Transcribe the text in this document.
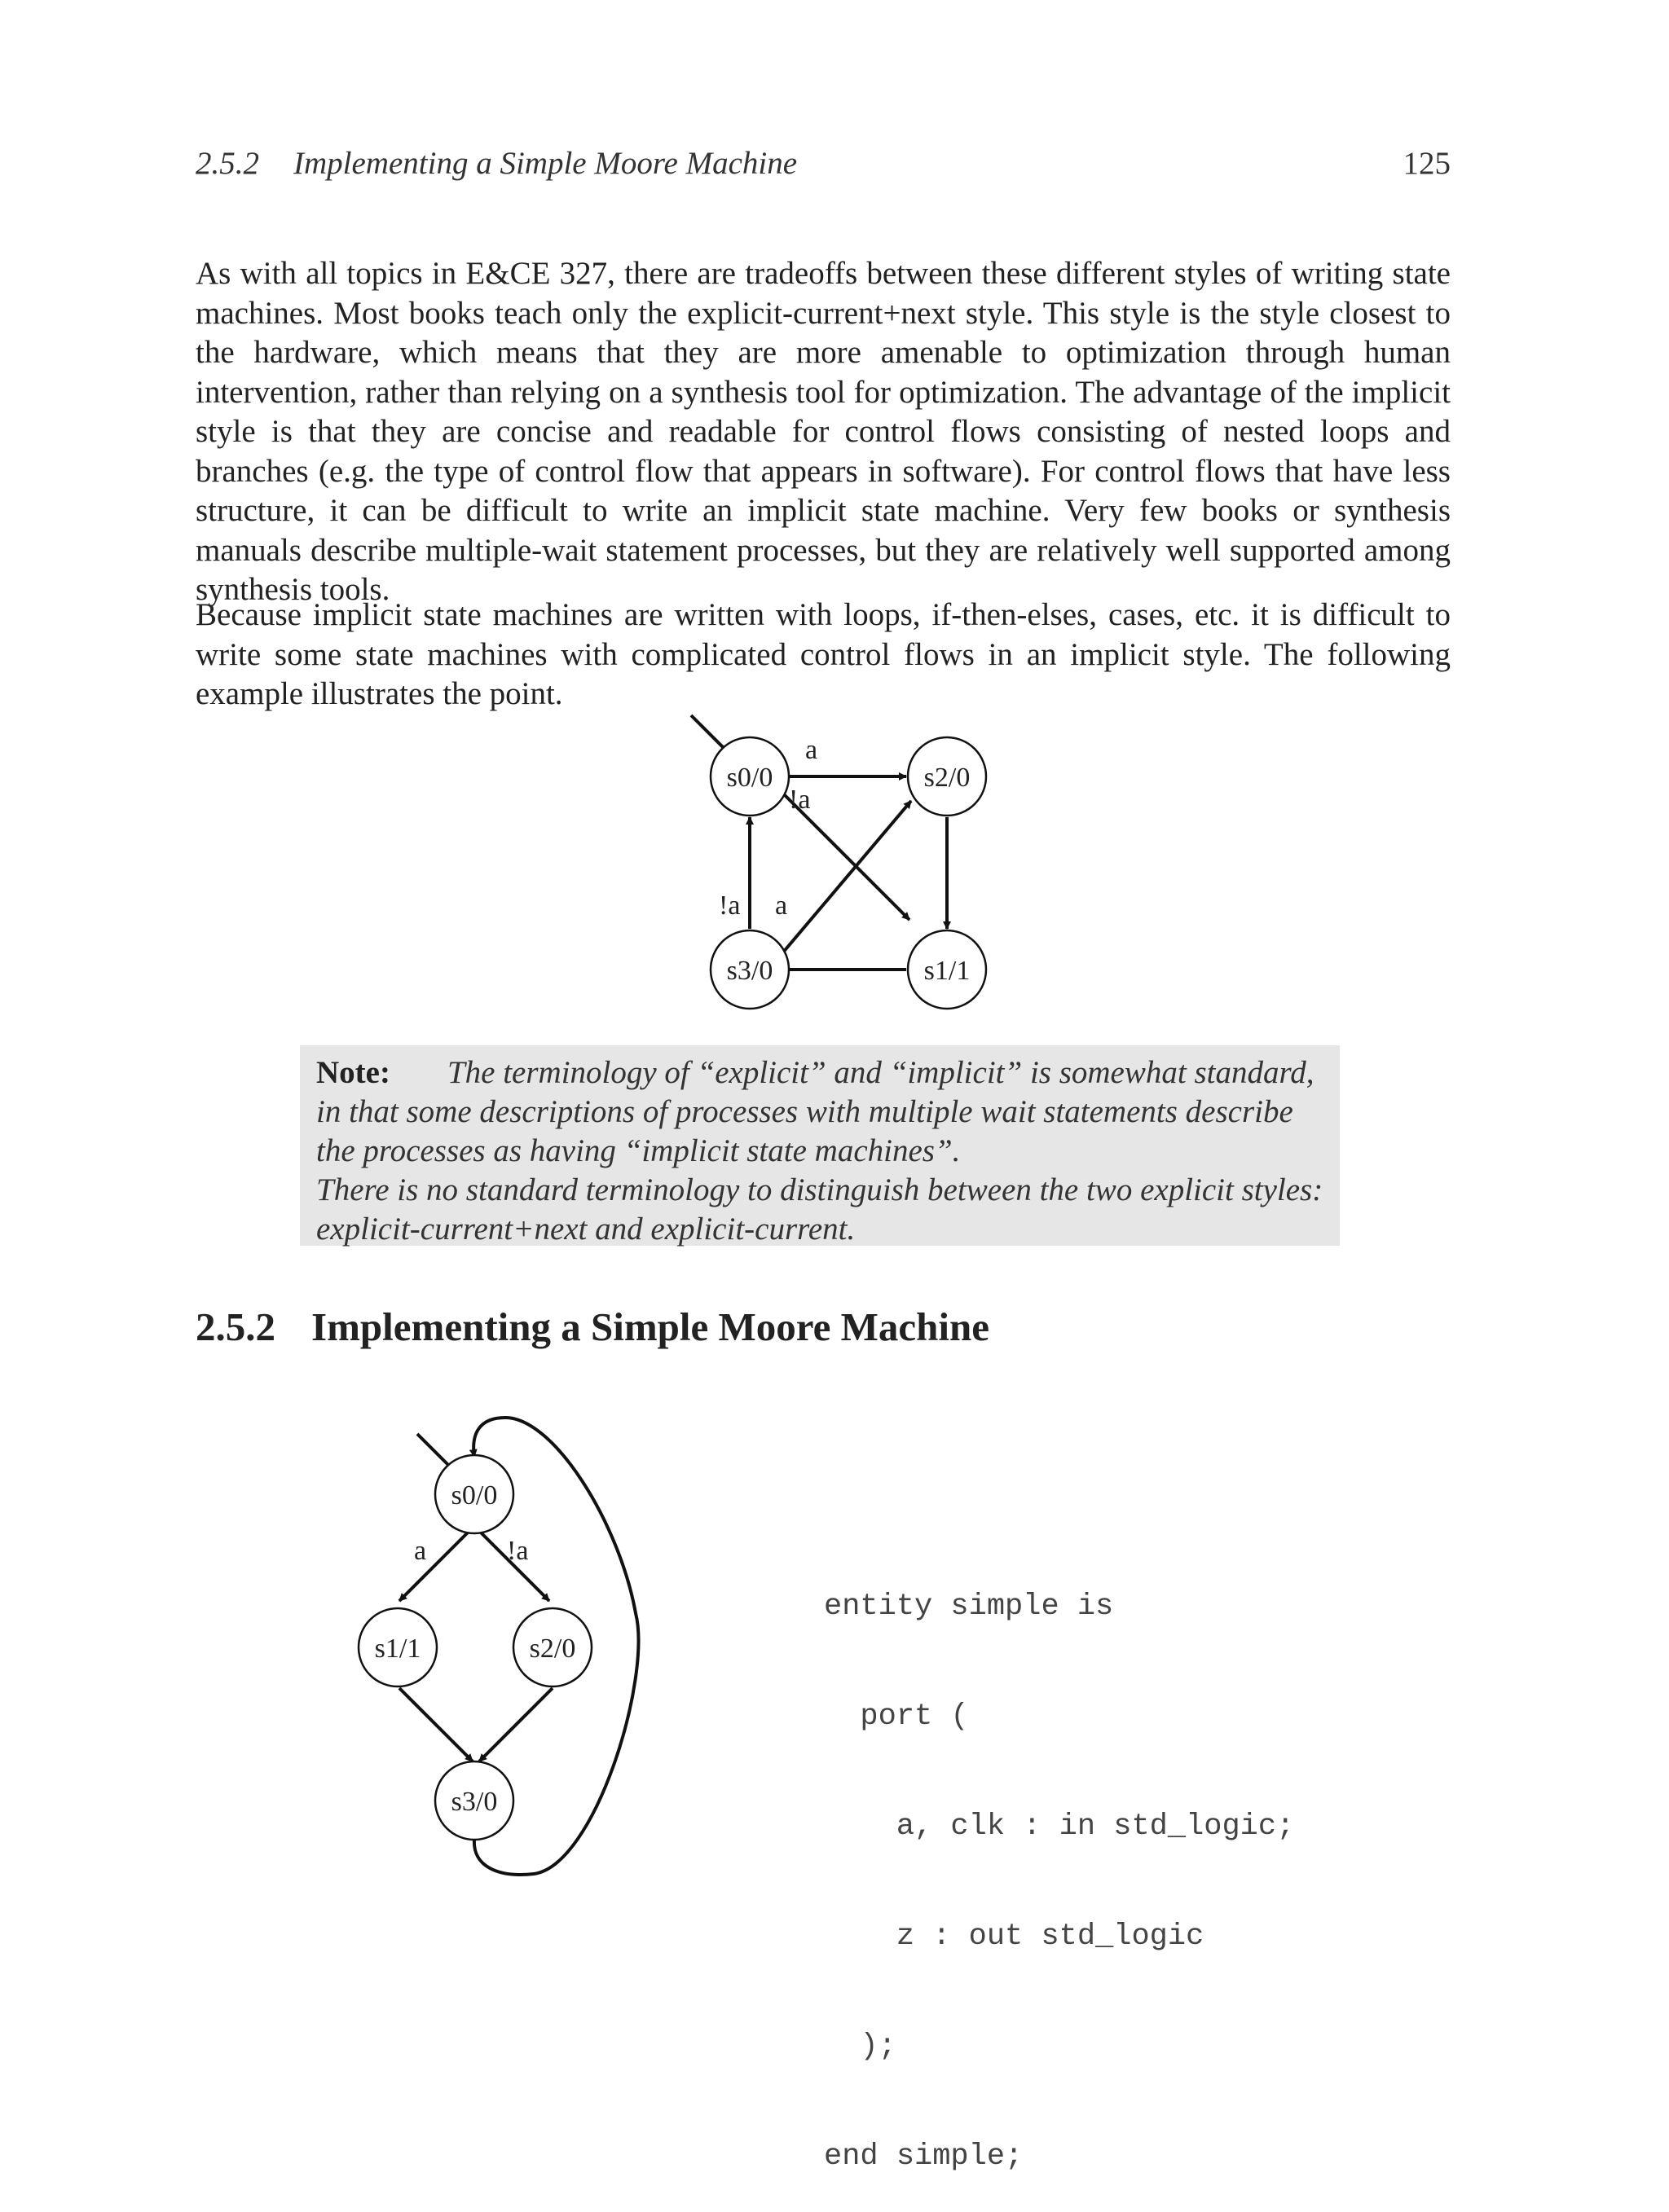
2.5.2 Implementing a Simple Moore Machine	125
As with all topics in E&CE 327, there are tradeoffs between these different styles of writing state machines. Most books teach only the explicit-current+next style. This style is the style closest to the hardware, which means that they are more amenable to optimization through human intervention, rather than relying on a synthesis tool for optimization. The advantage of the implicit style is that they are concise and readable for control flows consisting of nested loops and branches (e.g. the type of control flow that appears in software). For control flows that have less structure, it can be difficult to write an implicit state machine. Very few books or synthesis manuals describe multiple-wait statement processes, but they are relatively well supported among synthesis tools.
Because implicit state machines are written with loops, if-then-elses, cases, etc. it is difficult to write some state machines with complicated control flows in an implicit style. The following example illustrates the point.
s0/0	s2/0
s3/0	s1/1
a
!a
!a a
Note: The terminology of “explicit” and “implicit” is somewhat standard,
in that some descriptions of processes with multiple wait statements describe
the processes as having “implicit state machines”.
There is no standard terminology to distinguish between the two explicit styles:
explicit-current+next and explicit-current.
2.5.2 Implementing a Simple Moore Machine
s0/0
s1/1	s2/0
s3/0
a	!a

entity simple is

port (

a, clk : in std_logic;

z : out std_logic

);

end simple;
